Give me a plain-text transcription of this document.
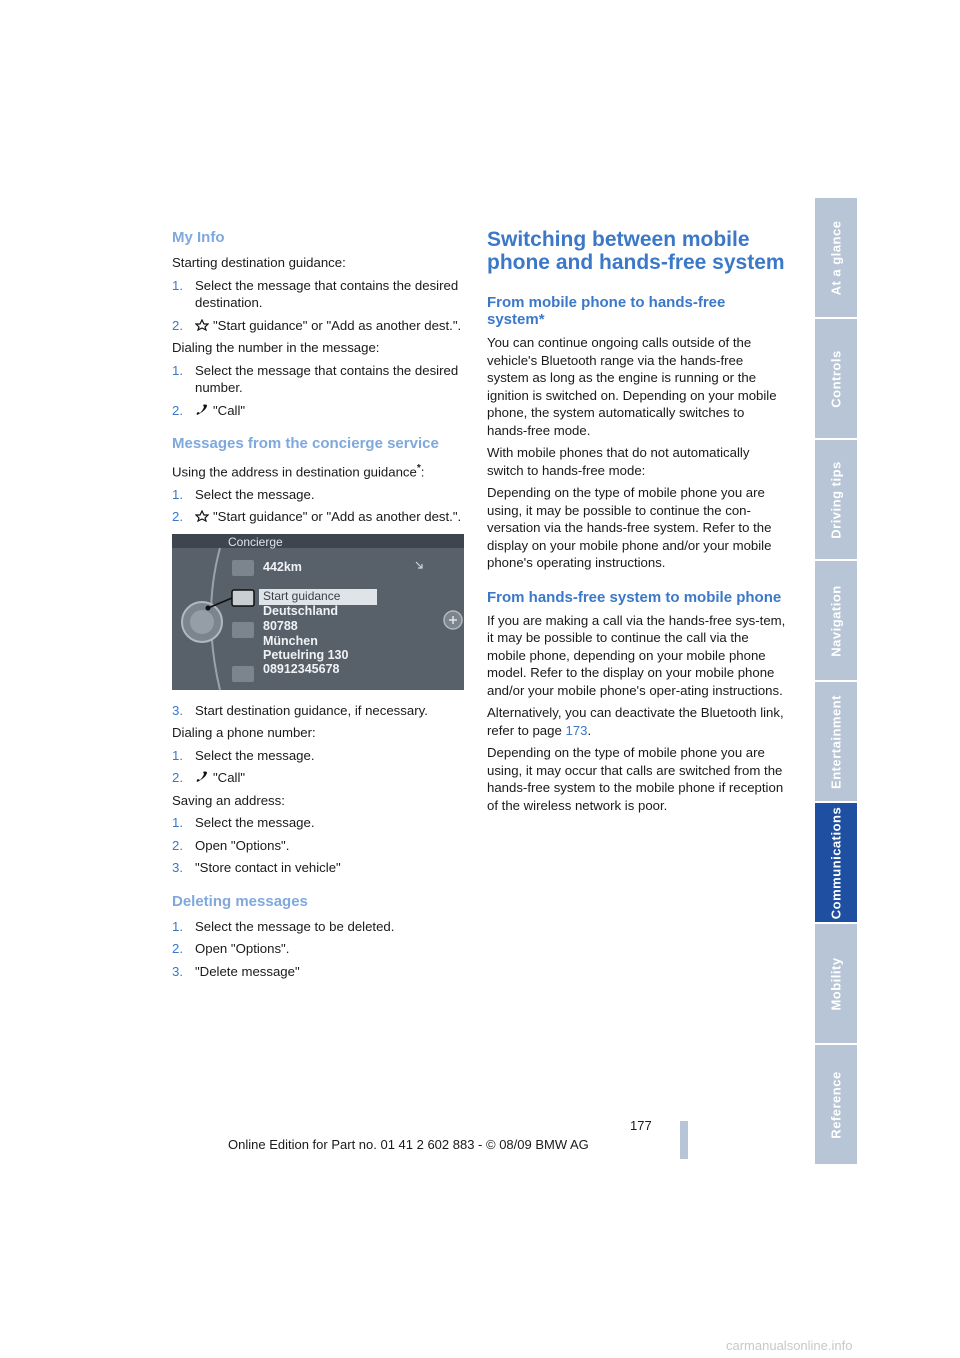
My Info

Starting destination guidance:

1. Select the message that contains the desired destination.
2.	"Start guidance" or "Add as another dest.".

Dialing the number in the message:

1. Select the message that contains the desired number.
2.	"Call"
Messages from the concierge service

Using the address in destination guidance*:

1. Select the message.
2.	"Start guidance" or "Add as another dest.".
Concierge
442km
Start guidance
Deutschland
80788
München
Petuelring 130
08912345678
3. Start destination guidance, if necessary.

Dialing a phone number:

1. Select the message.
2.	"Call"

Saving an address:

1. Select the message.
2. Open "Options".
3. "Store contact in vehicle"
Deleting messages
1. Select the message to be deleted.
2. Open "Options".
3. "Delete message"
Switching between mobile phone and hands-free system
From mobile phone to hands-free system*

You can continue ongoing calls outside of the vehicle's Bluetooth range via the hands-free system as long as the engine is running or the ignition is switched on. Depending on your mobile phone, the system automatically switches to hands-free mode.

With mobile phones that do not automatically switch to hands-free mode:

Depending on the type of mobile phone you are using, it may be possible to continue the con-versation via the hands-free system. Refer to the display on your mobile phone and/or your mobile phone's operating instructions.

From hands-free system to mobile phone

If you are making a call via the hands-free sys-tem, it may be possible to continue the call via the mobile phone, depending on your mobile phone model. Refer to the display on your mobile phone and/or your mobile phone's oper-ating instructions.

Alternatively, you can deactivate the Bluetooth link, refer to page 173.

Depending on the type of mobile phone you are using, it may occur that calls are switched from the hands-free system to the mobile phone if reception of the wireless network is poor.

At a glance
Controls
Driving tips
Navigation
Entertainment
Communications
Mobility
Reference
177
Online Edition for Part no. 01 41 2 602 883 - © 08/09 BMW AG
carmanualsonline.info
